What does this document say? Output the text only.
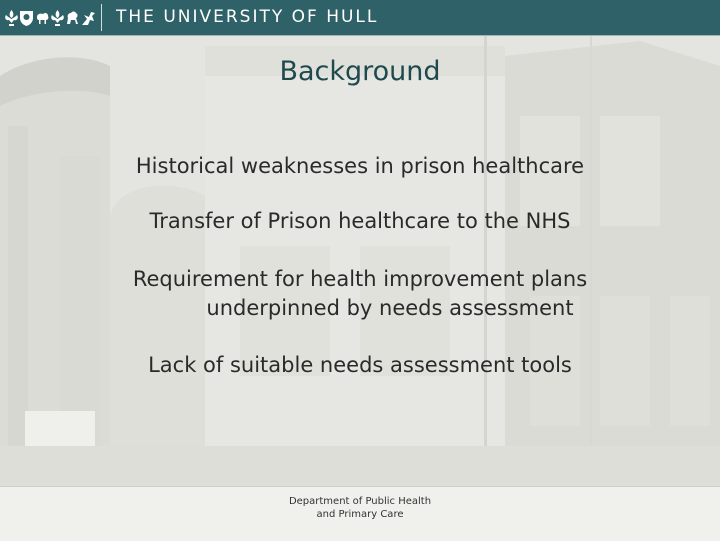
THE UNIVERSITY OF HULL
Background
Historical weaknesses in prison healthcare
Transfer of Prison healthcare to the NHS
Requirement for health improvement plans
underpinned by needs assessment
Lack of suitable needs assessment tools
Department of Public Health
and Primary Care
